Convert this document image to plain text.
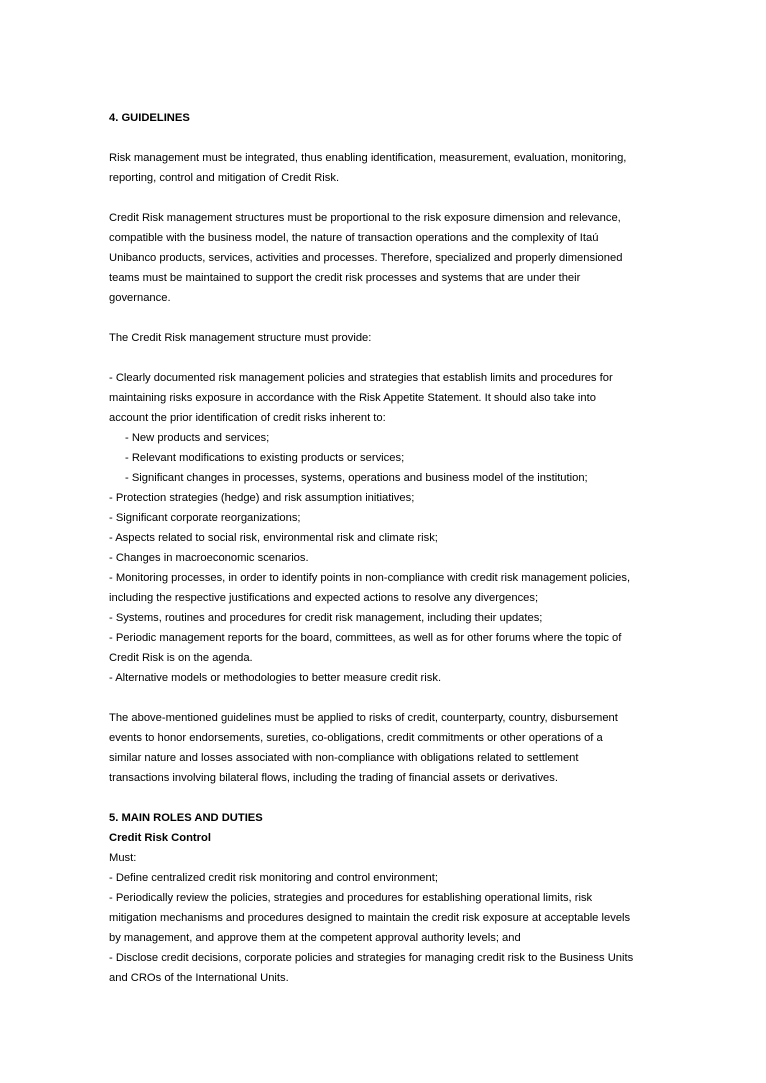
4. GUIDELINES
Risk management must be integrated, thus enabling identification, measurement, evaluation, monitoring,
reporting, control and mitigation of Credit Risk.
Credit Risk management structures must be proportional to the risk exposure dimension and relevance,
compatible with the business model, the nature of transaction operations and the complexity of Itaú
Unibanco products, services, activities and processes. Therefore, specialized and properly dimensioned
teams must be maintained to support the credit risk processes and systems that are under their
governance.
The Credit Risk management structure must provide:
- Clearly documented risk management policies and strategies that establish limits and procedures for
maintaining risks exposure in accordance with the Risk Appetite Statement. It should also take into
account the prior identification of credit risks inherent to:
- New products and services;
- Relevant modifications to existing products or services;
- Significant changes in processes, systems, operations and business model of the institution;
- Protection strategies (hedge) and risk assumption initiatives;
- Significant corporate reorganizations;
- Aspects related to social risk, environmental risk and climate risk;
- Changes in macroeconomic scenarios.
- Monitoring processes, in order to identify points in non-compliance with credit risk management policies,
including the respective justifications and expected actions to resolve any divergences;
- Systems, routines and procedures for credit risk management, including their updates;
- Periodic management reports for the board, committees, as well as for other forums where the topic of
Credit Risk is on the agenda.
- Alternative models or methodologies to better measure credit risk.
The above-mentioned guidelines must be applied to risks of credit, counterparty, country, disbursement
events to honor endorsements, sureties, co-obligations, credit commitments or other operations of a
similar nature and losses associated with non-compliance with obligations related to settlement
transactions involving bilateral flows, including the trading of financial assets or derivatives.
5. MAIN ROLES AND DUTIES
Credit Risk Control
Must:
- Define centralized credit risk monitoring and control environment;
- Periodically review the policies, strategies and procedures for establishing operational limits, risk
mitigation mechanisms and procedures designed to maintain the credit risk exposure at acceptable levels
by management, and approve them at the competent approval authority levels; and
- Disclose credit decisions, corporate policies and strategies for managing credit risk to the Business Units
and CROs of the International Units.
